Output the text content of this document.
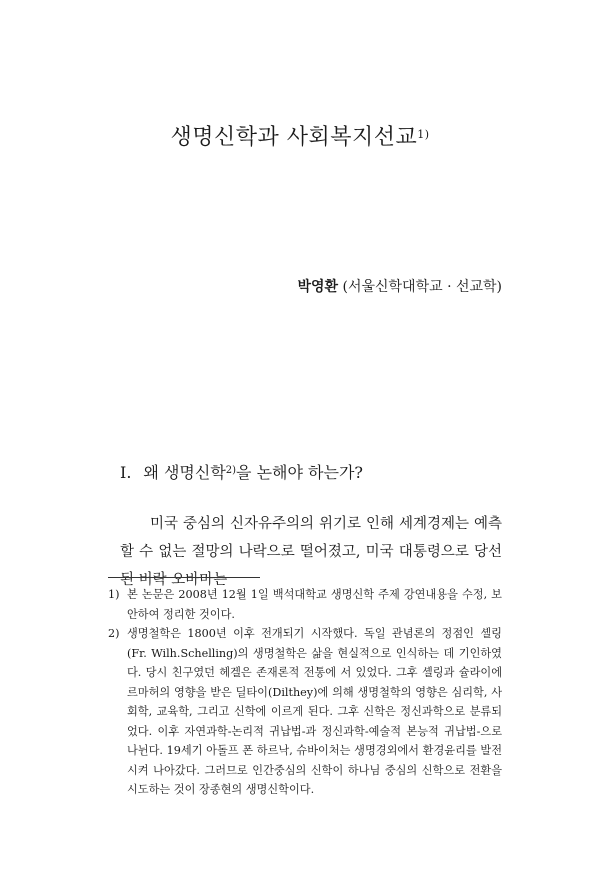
생명신학과 사회복지선교$^{1)}$
박영환 (서울신학대학교 · 선교학)
I. 왜 생명신학$^{2)}$을 논해야 하는가?
미국 중심의 신자유주의의 위기로 인해 세계경제는 예측할 수 없는 절망의 나락으로 떨어졌고, 미국 대통령으로 당선된 버락 오바마는
1) 본 논문은 2008년 12월 1일 백석대학교 생명신학 주제 강연내용을 수정, 보안하여 정리한 것이다.
2) 생명철학은 1800년 이후 전개되기 시작했다. 독일 관념론의 정점인 셸링 (Fr. Wilh.Schelling)의 생명철학은 삶을 현실적으로 인식하는 데 기인하였다. 당시 친구였던 헤겔은 존재론적 전통에 서 있었다. 그후 셸링과 슐라이에르마허의 영향을 받은 딜타이(Dilthey)에 의해 생명철학의 영향은 심리학, 사회학, 교육학, 그리고 신학에 이르게 된다. 그후 신학은 정신과학으로 분류되었다. 이후 자연과학-논리적 귀납법-과 정신과학-예술적 본능적 귀납법-으로 나뉜다. 19세기 아돌프 폰 하르낙, 슈바이처는 생명경외에서 환경윤리를 발전시켜 나아갔다. 그러므로 인간중심의 신학이 하나님 중심의 신학으로 전환을 시도하는 것이 장종현의 생명신학이다.
